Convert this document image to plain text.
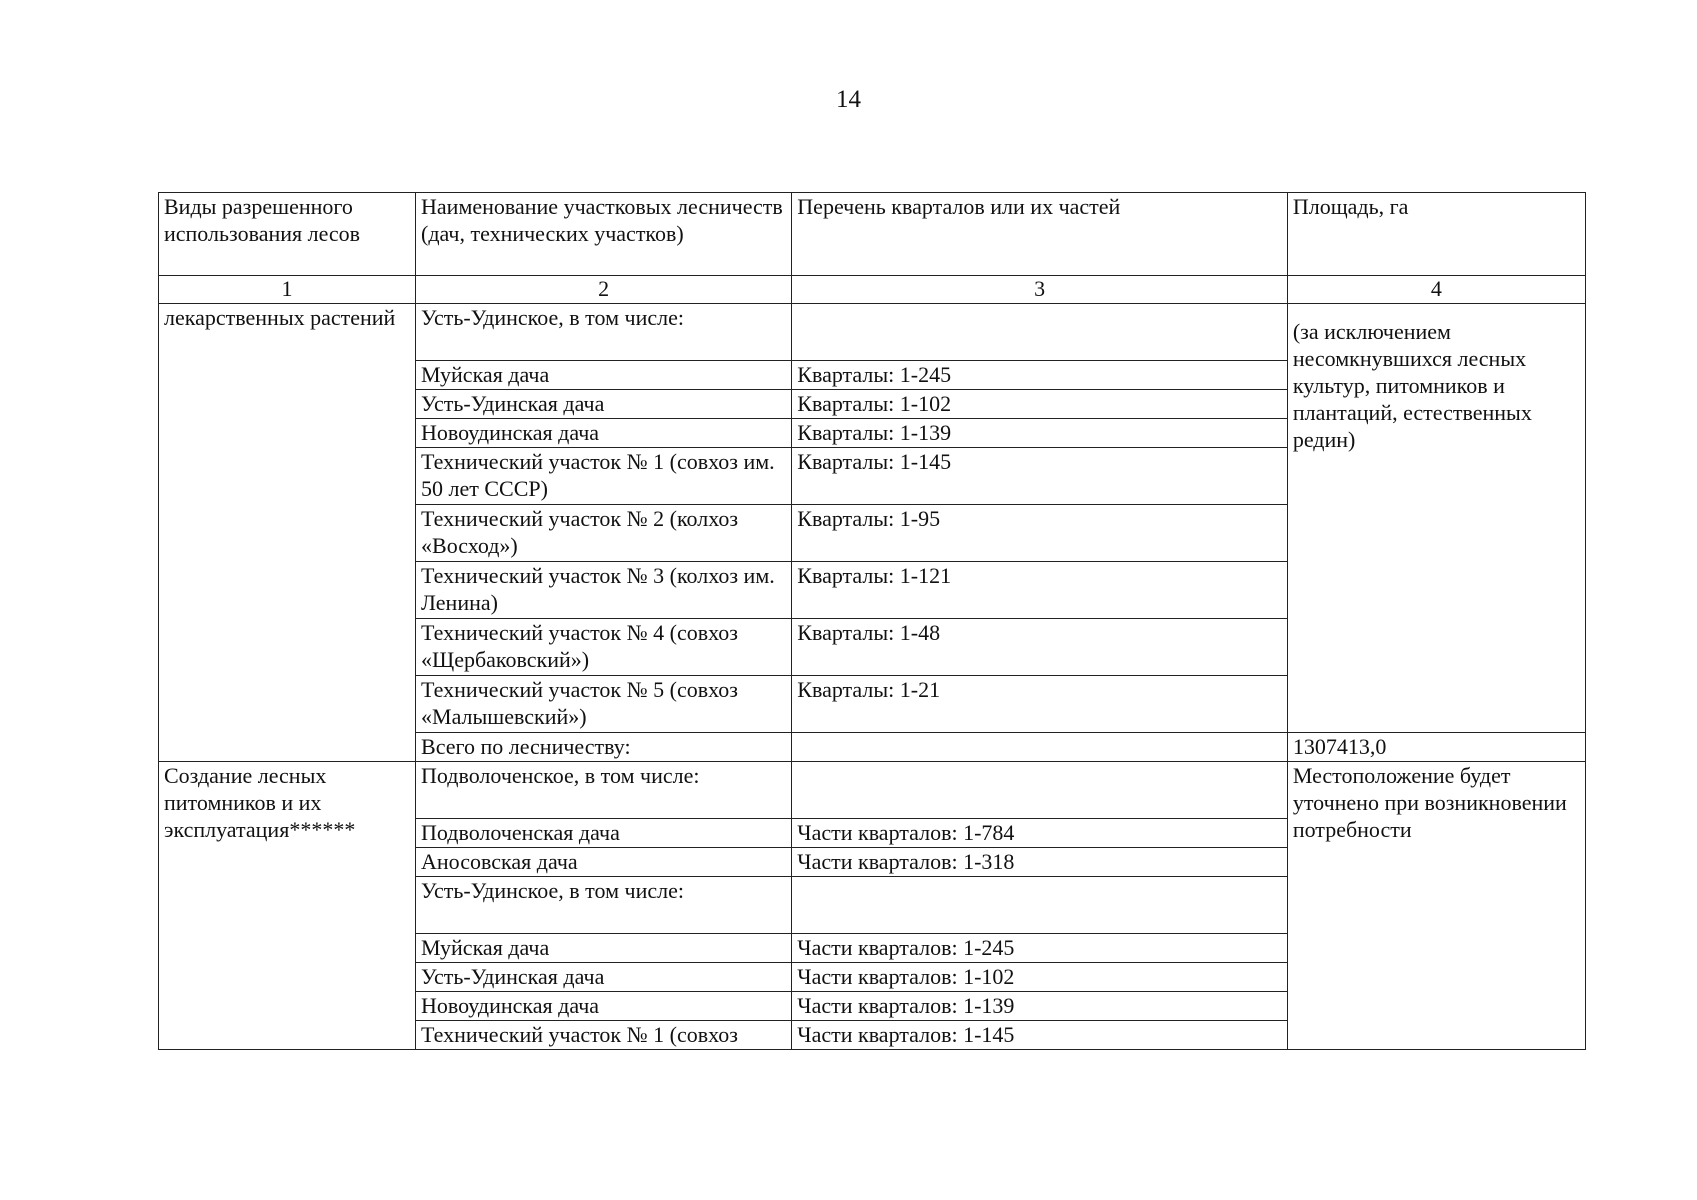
14
Виды разрешенного использования лесов	Наименование участковых лесничеств (дач, технических участков)	Перечень кварталов или их частей	Площадь, га
1	2	3	4
лекарственных растений	Усть-Удинское, в том числе:		(за исключением несомкнувшихся лесных культур, питомников и плантаций, естественных редин)
	Муйская дача	Кварталы: 1-245	
	Усть-Удинская дача	Кварталы: 1-102	
	Новоудинская дача	Кварталы: 1-139	
	Технический участок № 1 (совхоз им. 50 лет СССР)	Кварталы: 1-145	
	Технический участок № 2 (колхоз «Восход»)	Кварталы: 1-95	
	Технический участок № 3 (колхоз им. Ленина)	Кварталы: 1-121	
	Технический участок № 4 (совхоз «Щербаковский»)	Кварталы: 1-48	
	Технический участок № 5 (совхоз «Малышевский»)	Кварталы: 1-21	
	Всего по лесничеству:		1307413,0
Создание лесных питомников и их эксплуатация******	Подволоченское, в том числе:		Местоположение будет уточнено при возникновении потребности
	Подволоченская дача	Части кварталов: 1-784	
	Аносовская дача	Части кварталов: 1-318	
	Усть-Удинское, в том числе:		
	Муйская дача	Части кварталов: 1-245	
	Усть-Удинская дача	Части кварталов: 1-102	
	Новоудинская дача	Части кварталов: 1-139	
	Технический участок № 1 (совхоз	Части кварталов: 1-145	
